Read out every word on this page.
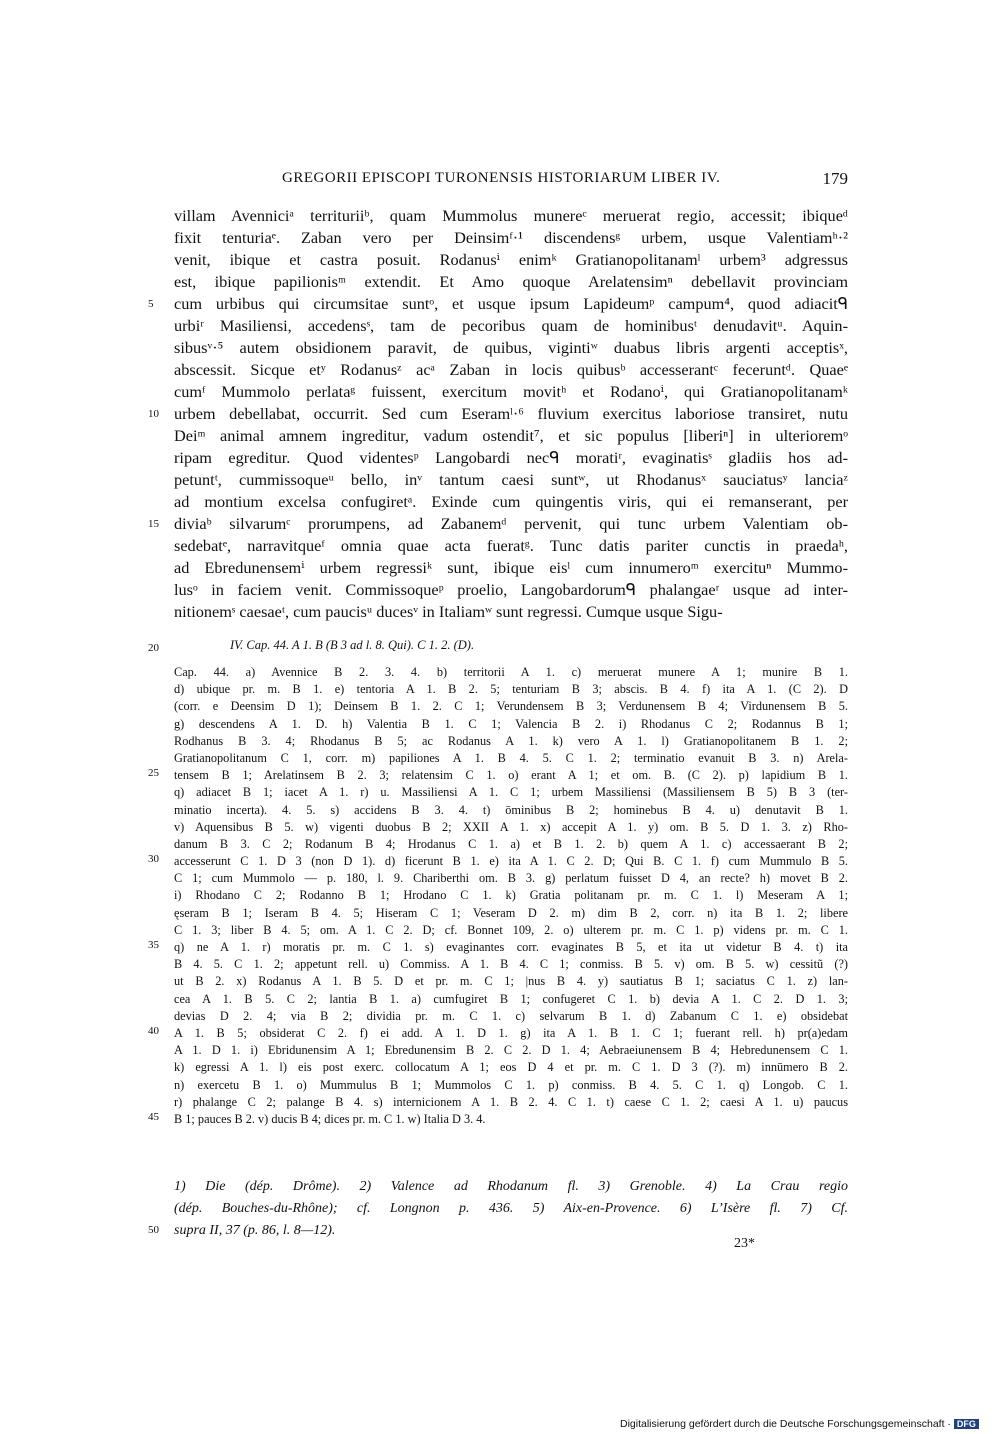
GREGORII EPISCOPI TURONENSIS HISTORIARUM LIBER IV.	179
villam Avenniciᵃ territuriiᵇ, quam Mummolus munereᶜ meruerat regio, accessit; ibiqueᵈ
fixit tenturiaᵉ. Zaban vero per Deinsimᶠ·¹ discendensᵍ urbem, usque Valentiamʰ·²
venit, ibique et castra posuit. Rodanusⁱ enimᵏ Gratianopolitanamˡ urbem³ adgressus
est, ibique papilionisᵐ extendit. Et Amo quoque Arelatensimⁿ debellavit provinciam
cum urbibus qui circumsitae suntᵒ, et usque ipsum Lapideumᵖ campum⁴, quod adiacitᑫ
urbiʳ Masiliensi, accedensˢ, tam de pecoribus quam de hominibusᵗ denudavitᵘ. Aquin-
sibusᵛ·⁵ autem obsidionem paravit, de quibus, vigintiʷ duabus libris argenti acceptisˣ,
abscessit. Sicque etʸ Rodanusᶻ acᵃ Zaban in locis quibusᵇ accesserantᶜ feceruntᵈ. Quaeᵉ
cumᶠ Mummolo perlataᵍ fuissent, exercitum movitʰ et Rodanoⁱ, qui Gratianopolitanamᵏ
urbem debellabat, occurrit. Sed cum Eseramˡ·⁶ fluvium exercitus laboriose transiret, nutu
Deiᵐ animal amnem ingreditur, vadum ostendit⁷, et sic populus [liberiⁿ] in ulterioremᵒ
ripam egreditur. Quod videntesᵖ Langobardi necᑫ moratiʳ, evaginatisˢ gladiis hos ad-
petuntᵗ, cummissoqueᵘ bello, inᵛ tantum caesi suntʷ, ut Rhodanusˣ sauciatusʸ lanciaᶻ
ad montium excelsa confugiretᵃ. Exinde cum quingentis viris, qui ei remanserant, per
diviaᵇ silvarumᶜ prorumpens, ad Zabanemᵈ pervenit, qui tunc urbem Valentiam ob-
sedebatᵉ, narravitqueᶠ omnia quae acta fueratᵍ. Tunc datis pariter cunctis in praedaʰ,
ad Ebredunensemⁱ urbem regressiᵏ sunt, ibique eisˡ cum innumeroᵐ exercituⁿ Mummo-
lusᵒ in faciem venit. Commissoqueᵖ proelio, Langobardorumᑫ phalangaeʳ usque ad inter-
nitionemˢ caesaeᵗ, cum paucisᵘ ducesᵛ in Italiamʷ sunt regressi. Cumque usque Sigu-
5
10
15
20
25
30
35
40
45
IV. Cap. 44. A 1. B (B 3 ad l. 8. Qui). C 1. 2. (D).
Cap. 44. a) Avennice B 2. 3. 4. b) territorii A 1. c) meruerat munere A 1; munire B 1.
d) ubique pr. m. B 1. e) tentoria A 1. B 2. 5; tenturiam B 3; abscis. B 4. f) ita A 1. (C 2). D
(corr. e Deensim D 1); Deinsem B 1. 2. C 1; Verundensem B 3; Verdunensem B 4; Virdunensem B 5.
g) descendens A 1. D. h) Valentia B 1. C 1; Valencia B 2. i) Rhodanus C 2; Rodannus B 1;
Rodhanus B 3. 4; Rhodanus B 5; ac Rodanus A 1. k) vero A 1. l) Gratianopolitanem B 1. 2;
Gratianopolitanum C 1, corr. m) papiliones A 1. B 4. 5. C 1. 2; terminatio evanuit B 3. n) Arela-
tensem B 1; Arelatinsem B 2. 3; relatensim C 1. o) erant A 1; et om. B. (C 2). p) lapidium B 1.
q) adiacet B 1; iacet A 1. r) u. Massiliensi A 1. C 1; urbem Massiliensi (Massiliensem B 5) B 3 (ter-
minatio incerta). 4. 5. s) accidens B 3. 4. t) ōminibus B 2; hominebus B 4. u) denutavit B 1.
v) Aquensibus B 5. w) vigenti duobus B 2; XXII A 1. x) accepit A 1. y) om. B 5. D 1. 3. z) Rho-
danum B 3. C 2; Rodanum B 4; Hrodanus C 1. a) et B 1. 2. b) quem A 1. c) accessaerant B 2;
accesserunt C 1. D 3 (non D 1). d) ficerunt B 1. e) ita A 1. C 2. D; Qui B. C 1. f) cum Mummulo B 5.
C 1; cum Mummolo — p. 180, l. 9. Chariberthi om. B 3. g) perlatum fuisset D 4, an recte? h) movet B 2.
i) Rhodano C 2; Rodanno B 1; Hrodano C 1. k) Gratia politanam pr. m. C 1. l) Meseram A 1;
ęseram B 1; Iseram B 4. 5; Hiseram C 1; Veseram D 2. m) dim B 2, corr. n) ita B 1. 2; libere
C 1. 3; liber B 4. 5; om. A 1. C 2. D; cf. Bonnet 109, 2. o) ulterem pr. m. C 1. p) videns pr. m. C 1.
q) ne A 1. r) moratis pr. m. C 1. s) evaginantes corr. evaginates B 5, et ita ut videtur B 4. t) ita
B 4. 5. C 1. 2; appetunt rell. u) Commiss. A 1. B 4. C 1; conmiss. B 5. v) om. B 5. w) cessitũ (?)
ut B 2. x) Rodanus A 1. B 5. D et pr. m. C 1; |nus B 4. y) sautiatus B 1; saciatus C 1. z) lan-
cea A 1. B 5. C 2; lantia B 1. a) cumfugiret B 1; confugeret C 1. b) devia A 1. C 2. D 1. 3;
devias D 2. 4; via B 2; dividia pr. m. C 1. c) selvarum B 1. d) Zabanum C 1. e) obsidebat
A 1. B 5; obsiderat C 2. f) ei add. A 1. D 1. g) ita A 1. B 1. C 1; fuerant rell. h) pr(a)edam
A 1. D 1. i) Ebridunensim A 1; Ebredunensim B 2. C 2. D 1. 4; Aebraeiunensem B 4; Hebredunensem C 1.
k) egressi A 1. l) eis post exerc. collocatum A 1; eos D 4 et pr. m. C 1. D 3 (?). m) innūmero B 2.
n) exercetu B 1. o) Mummulus B 1; Mummolos C 1. p) conmiss. B 4. 5. C 1. q) Longob. C 1.
r) phalange C 2; palange B 4. s) internicionem A 1. B 2. 4. C 1. t) caese C 1. 2; caesi A 1. u) paucus
B 1; pauces B 2. v) ducis B 4; dices pr. m. C 1. w) Italia D 3. 4.
1) Die (dép. Drôme). 2) Valence ad Rhodanum fl. 3) Grenoble. 4) La Crau regio
(dép. Bouches-du-Rhône); cf. Longnon p. 436. 5) Aix-en-Provence. 6) L’Isère fl. 7) Cf.
supra II, 37 (p. 86, l. 8—12).
50
23*
Digitalisierung gefördert durch die Deutsche Forschungsgemeinschaft · DFG
